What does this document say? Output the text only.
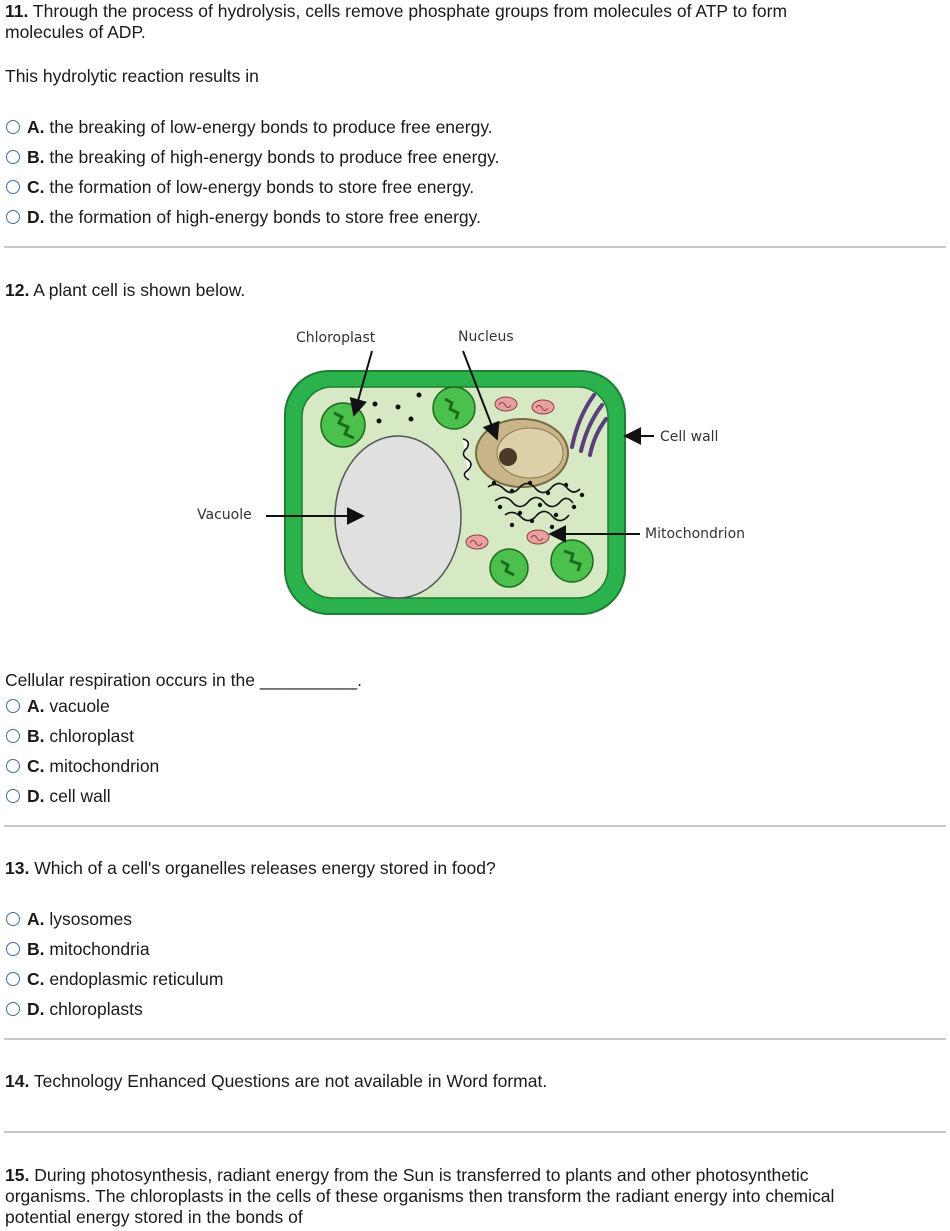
11. Through the process of hydrolysis, cells remove phosphate groups from molecules of ATP to form
molecules of ADP.
This hydrolytic reaction results in
A. the breaking of low-energy bonds to produce free energy.
B. the breaking of high-energy bonds to produce free energy.
C. the formation of low-energy bonds to store free energy.
D. the formation of high-energy bonds to store free energy.
12. A plant cell is shown below.
Chloroplast	Nucleus
Cell wall
Vacuole
Mitochondrion
Cellular respiration occurs in the __________.
A. vacuole
B. chloroplast
C. mitochondrion
D. cell wall
13. Which of a cell's organelles releases energy stored in food?
A. lysosomes
B. mitochondria
C. endoplasmic reticulum
D. chloroplasts
14. Technology Enhanced Questions are not available in Word format.
15. During photosynthesis, radiant energy from the Sun is transferred to plants and other photosynthetic
organisms. The chloroplasts in the cells of these organisms then transform the radiant energy into chemical
potential energy stored in the bonds of
